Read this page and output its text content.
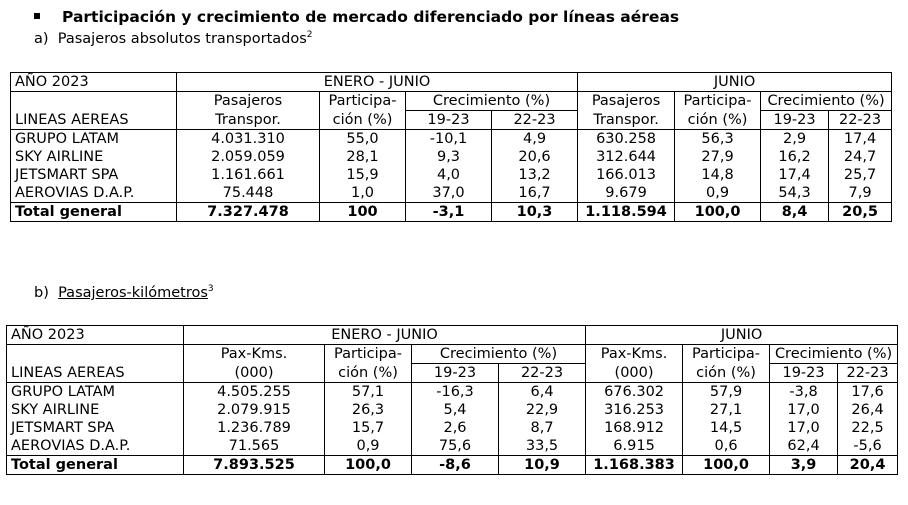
Participación y crecimiento de mercado diferenciado por líneas aéreas
a) Pasajeros absolutos transportados$^2$
AÑO 2023	ENERO - JUNIO				JUNIO			
	Pasajeros	Participa-	Crecimiento (%)		Pasajeros	Participa-	Crecimiento (%)	
LINEAS AEREAS	Transpor.	ción (%)	19-23	22-23	Transpor.	ción (%)	19-23	22-23
GRUPO LATAM	4.031.310	55,0	-10,1	4,9	630.258	56,3	2,9	17,4
SKY AIRLINE	2.059.059	28,1	9,3	20,6	312.644	27,9	16,2	24,7
JETSMART SPA	1.161.661	15,9	4,0	13,2	166.013	14,8	17,4	25,7
AEROVIAS D.A.P.	75.448	1,0	37,0	16,7	9.679	0,9	54,3	7,9
Total general	7.327.478	100	-3,1	10,3	1.118.594	100,0	8,4	20,5
b) Pasajeros-kilómetros$^3$
AÑO 2023	ENERO - JUNIO				JUNIO			
	Pax-Kms.	Participa-	Crecimiento (%)		Pax-Kms.	Participa-	Crecimiento (%)	
LINEAS AEREAS	(000)	ción (%)	19-23	22-23	(000)	ción (%)	19-23	22-23
GRUPO LATAM	4.505.255	57,1	-16,3	6,4	676.302	57,9	-3,8	17,6
SKY AIRLINE	2.079.915	26,3	5,4	22,9	316.253	27,1	17,0	26,4
JETSMART SPA	1.236.789	15,7	2,6	8,7	168.912	14,5	17,0	22,5
AEROVIAS D.A.P.	71.565	0,9	75,6	33,5	6.915	0,6	62,4	-5,6
Total general	7.893.525	100,0	-8,6	10,9	1.168.383	100,0	3,9	20,4
